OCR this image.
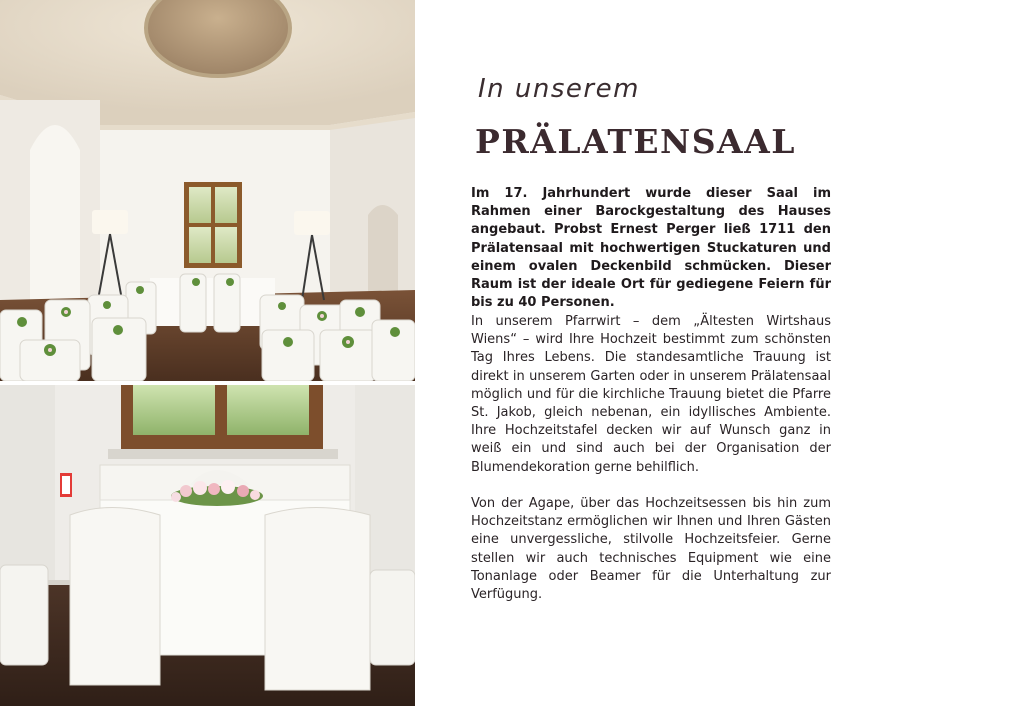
In unserem
PRÄLATENSAAL
Im 17. Jahrhundert wurde dieser Saal im Rahmen einer Barockgestaltung des Hauses angebaut. Probst Ernest Perger ließ 1711 den Prälatensaal mit hochwertigen Stuckaturen und einem ovalen Deckenbild schmücken. Dieser Raum ist der ideale Ort für gediegene Feiern für bis zu 40 Personen.
In unserem Pfarrwirt – dem „Ältesten Wirtshaus Wiens“ – wird Ihre Hochzeit bestimmt zum schönsten Tag Ihres Lebens. Die standesamtliche Trauung ist direkt in unserem Garten oder in unserem Prälatensaal möglich und für die kirchliche Trauung bietet die Pfarre St. Jakob, gleich nebenan, ein idyllisches Ambiente. Ihre Hochzeitstafel decken wir auf Wunsch ganz in weiß ein und sind auch bei der Organisation der Blumendekoration gerne behilflich.
Von der Agape, über das Hochzeitsessen bis hin zum Hochzeitstanz ermöglichen wir Ihnen und Ihren Gästen eine unvergessliche, stilvolle Hochzeitsfeier. Gerne stellen wir auch technisches Equipment wie eine Tonanlage oder Beamer für die Unterhaltung zur Verfügung.
